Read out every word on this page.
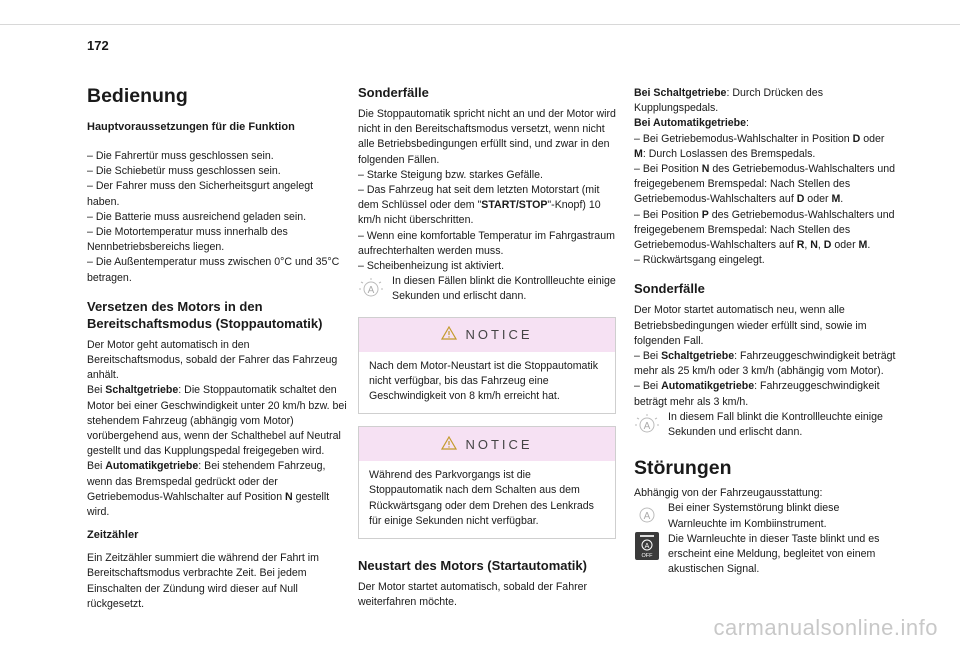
172
Bedienung
Hauptvoraussetzungen für die Funktion

– Die Fahrertür muss geschlossen sein.

– Die Schiebetür muss geschlossen sein.

– Der Fahrer muss den Sicherheitsgurt angelegt haben.

– Die Batterie muss ausreichend geladen sein.

– Die Motortemperatur muss innerhalb des Nennbetriebsbereichs liegen.

– Die Außentemperatur muss zwischen 0°C und 35°C betragen.

Versetzen des Motors in den Bereitschaftsmodus (Stoppautomatik)

Der Motor geht automatisch in den Bereitschaftsmodus, sobald der Fahrer das Fahrzeug anhält.

Bei Schaltgetriebe: Die Stoppautomatik schaltet den Motor bei einer Geschwindigkeit unter 20 km/h bzw. bei stehendem Fahrzeug (abhängig vom Motor) vorübergehend aus, wenn der Schalthebel auf Neutral gestellt und das Kupplungspedal freigegeben wird.

Bei Automatikgetriebe: Bei stehendem Fahrzeug, wenn das Bremspedal gedrückt oder der Getriebemodus-Wahlschalter auf Position N gestellt wird.

Zeitzähler

Ein Zeitzähler summiert die während der Fahrt im Bereitschaftsmodus verbrachte Zeit. Bei jedem Einschalten der Zündung wird dieser auf Null rückgesetzt.

Sonderfälle

Die Stoppautomatik spricht nicht an und der Motor wird nicht in den Bereitschaftsmodus versetzt, wenn nicht alle Betriebsbedingungen erfüllt sind, und zwar in den folgenden Fällen.

– Starke Steigung bzw. starkes Gefälle.

– Das Fahrzeug hat seit dem letzten Motorstart (mit dem Schlüssel oder dem "START/STOP"-Knopf) 10 km/h nicht überschritten.

– Wenn eine komfortable Temperatur im Fahrgastraum aufrechterhalten werden muss.

– Scheibenheizung ist aktiviert.

A

In diesen Fällen blinkt die Kontrollleuchte einige Sekunden und erlischt dann.

NOTICE

Nach dem Motor-Neustart ist die Stoppautomatik nicht verfügbar, bis das Fahrzeug eine Geschwindigkeit von 8 km/h erreicht hat.

NOTICE

Während des Parkvorgangs ist die Stoppautomatik nach dem Schalten aus dem Rückwärtsgang oder dem Drehen des Lenkrads für einige Sekunden nicht verfügbar.

Neustart des Motors (Startautomatik)

Der Motor startet automatisch, sobald der Fahrer weiterfahren möchte.

Bei Schaltgetriebe: Durch Drücken des Kupplungspedals.

Bei Automatikgetriebe:

– Bei Getriebemodus-Wahlschalter in Position D oder M: Durch Loslassen des Bremspedals.

– Bei Position N des Getriebemodus-Wahlschalters und freigegebenem Bremspedal: Nach Stellen des Getriebemodus-Wahlschalters auf D oder M.

– Bei Position P des Getriebemodus-Wahlschalters und freigegebenem Bremspedal: Nach Stellen des Getriebemodus-Wahlschalters auf R, N, D oder M.

– Rückwärtsgang eingelegt.

Sonderfälle

Der Motor startet automatisch neu, wenn alle Betriebsbedingungen wieder erfüllt sind, sowie im folgenden Fall.

– Bei Schaltgetriebe: Fahrzeuggeschwindigkeit beträgt mehr als 25 km/h oder 3 km/h (abhängig vom Motor).

– Bei Automatikgetriebe: Fahrzeuggeschwindigkeit beträgt mehr als 3 km/h.

A

In diesem Fall blinkt die Kontrollleuchte einige Sekunden und erlischt dann.

Störungen

Abhängig von der Fahrzeugausstattung:

A

Bei einer Systemstörung blinkt diese Warnleuchte im Kombiinstrument.

A
OFF

Die Warnleuchte in dieser Taste blinkt und es erscheint eine Meldung, begleitet von einem akustischen Signal.

carmanualsonline.info
